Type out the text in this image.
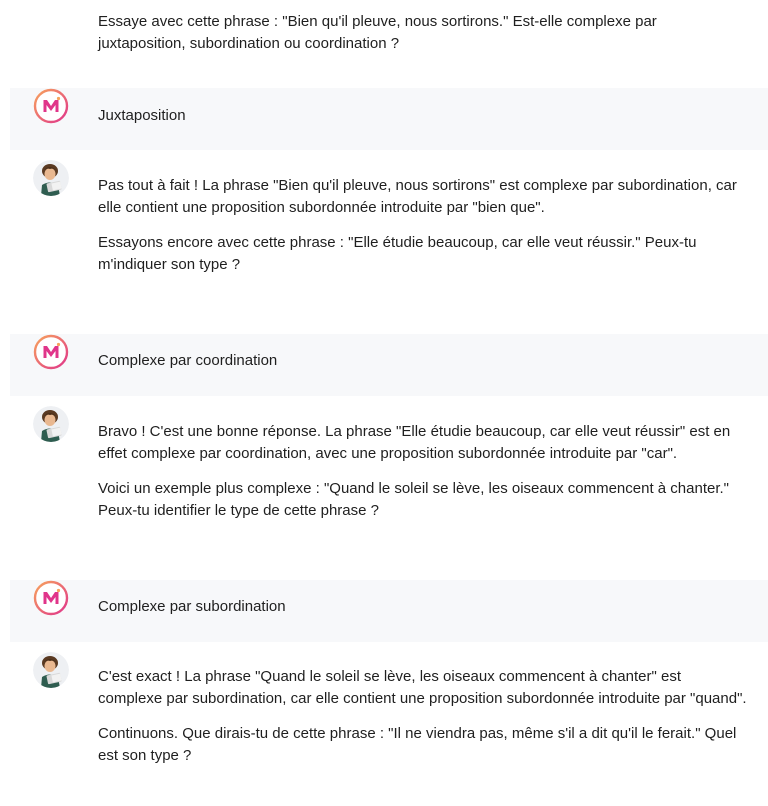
Essaye avec cette phrase : "Bien qu'il pleuve, nous sortirons." Est-elle complexe par juxtaposition, subordination ou coordination ?

Juxtaposition

Pas tout à fait ! La phrase "Bien qu'il pleuve, nous sortirons" est complexe par subordination, car elle contient une proposition subordonnée introduite par "bien que".

Essayons encore avec cette phrase : "Elle étudie beaucoup, car elle veut réussir." Peux-tu m'indiquer son type ?

Complexe par coordination

Bravo ! C'est une bonne réponse. La phrase "Elle étudie beaucoup, car elle veut réussir" est en effet complexe par coordination, avec une proposition subordonnée introduite par "car".

Voici un exemple plus complexe : "Quand le soleil se lève, les oiseaux commencent à chanter." Peux-tu identifier le type de cette phrase ?

Complexe par subordination

C'est exact ! La phrase "Quand le soleil se lève, les oiseaux commencent à chanter" est complexe par subordination, car elle contient une proposition subordonnée introduite par "quand".

Continuons. Que dirais-tu de cette phrase : "Il ne viendra pas, même s'il a dit qu'il le ferait." Quel est son type ?
